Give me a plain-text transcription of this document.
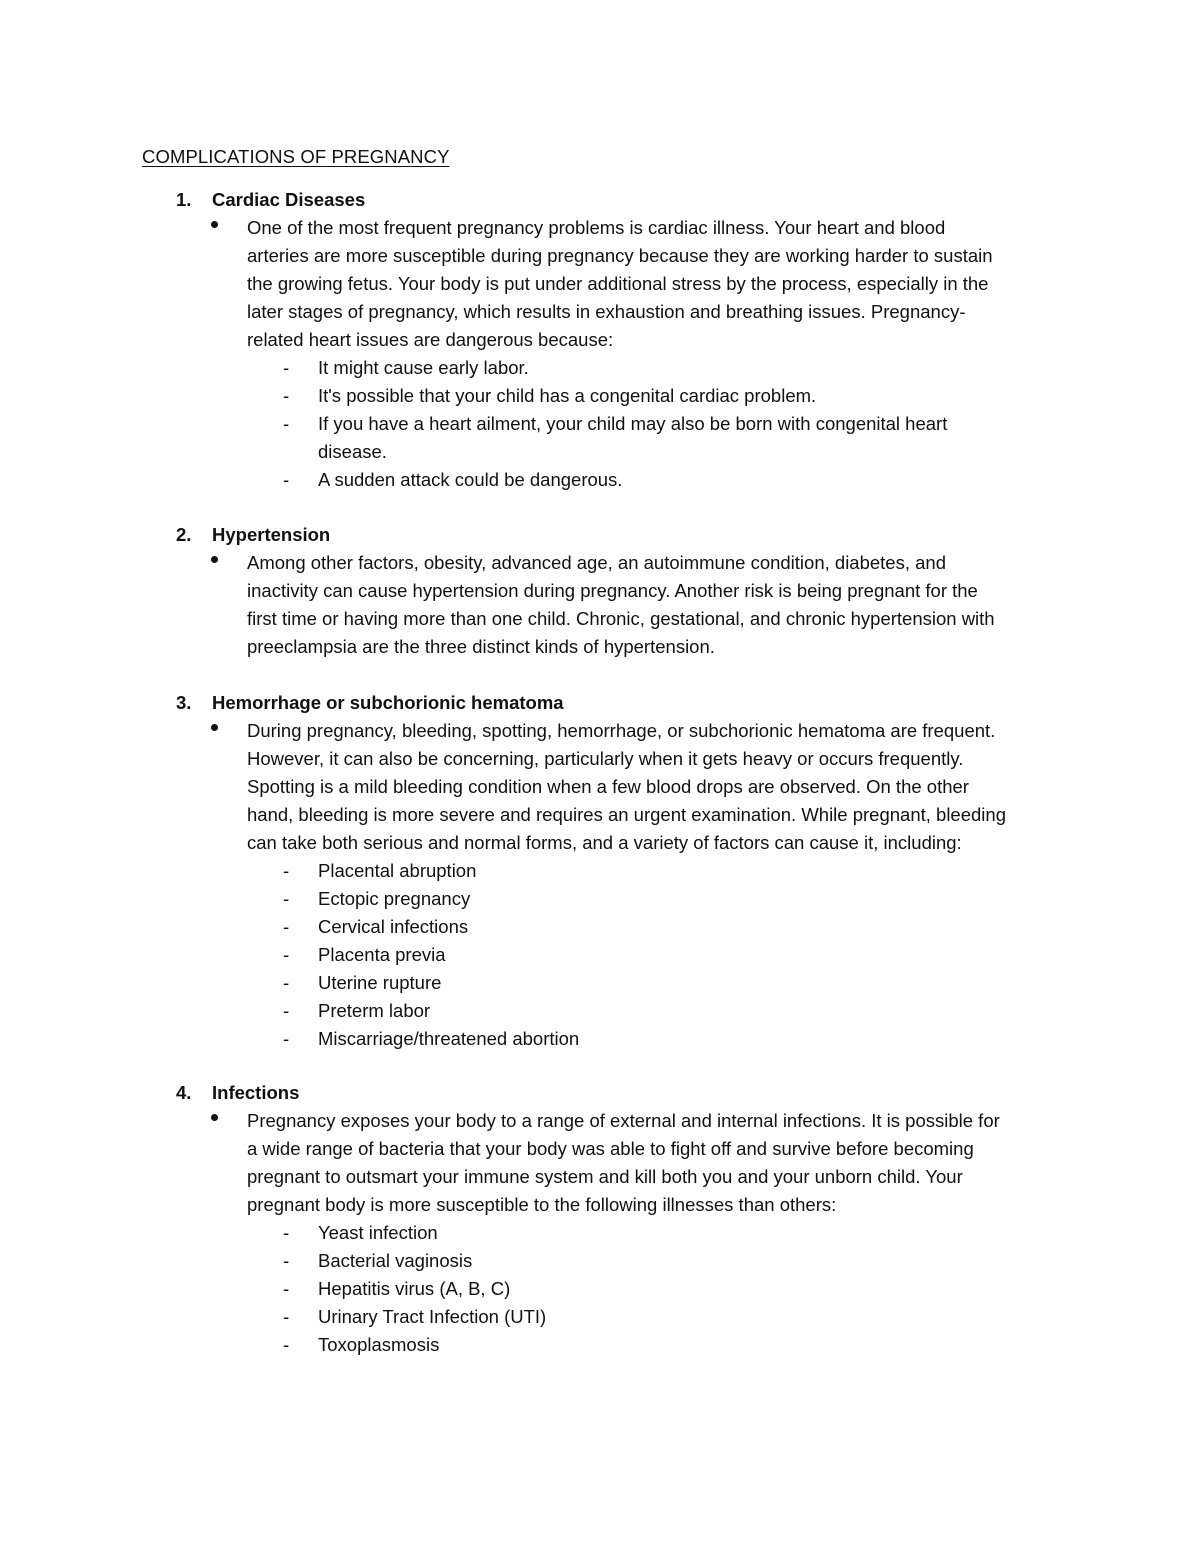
COMPLICATIONS OF PREGNANCY
1. Cardiac Diseases
One of the most frequent pregnancy problems is cardiac illness. Your heart and blood
arteries are more susceptible during pregnancy because they are working harder to sustain
the growing fetus. Your body is put under additional stress by the process, especially in the
later stages of pregnancy, which results in exhaustion and breathing issues. Pregnancy-
related heart issues are dangerous because:
-	It might cause early labor.
-	It's possible that your child has a congenital cardiac problem.
-	If you have a heart ailment, your child may also be born with congenital heart
disease.
-	A sudden attack could be dangerous.
2. Hypertension
Among other factors, obesity, advanced age, an autoimmune condition, diabetes, and
inactivity can cause hypertension during pregnancy. Another risk is being pregnant for the
first time or having more than one child. Chronic, gestational, and chronic hypertension with
preeclampsia are the three distinct kinds of hypertension.
3. Hemorrhage or subchorionic hematoma
During pregnancy, bleeding, spotting, hemorrhage, or subchorionic hematoma are frequent.
However, it can also be concerning, particularly when it gets heavy or occurs frequently.
Spotting is a mild bleeding condition when a few blood drops are observed. On the other
hand, bleeding is more severe and requires an urgent examination. While pregnant, bleeding
can take both serious and normal forms, and a variety of factors can cause it, including:
-	Placental abruption
-	Ectopic pregnancy
-	Cervical infections
-	Placenta previa
-	Uterine rupture
-	Preterm labor
-	Miscarriage/threatened abortion
4. Infections
Pregnancy exposes your body to a range of external and internal infections. It is possible for
a wide range of bacteria that your body was able to fight off and survive before becoming
pregnant to outsmart your immune system and kill both you and your unborn child. Your
pregnant body is more susceptible to the following illnesses than others:
-	Yeast infection
-	Bacterial vaginosis
-	Hepatitis virus (A, B, C)
-	Urinary Tract Infection (UTI)
-	Toxoplasmosis
